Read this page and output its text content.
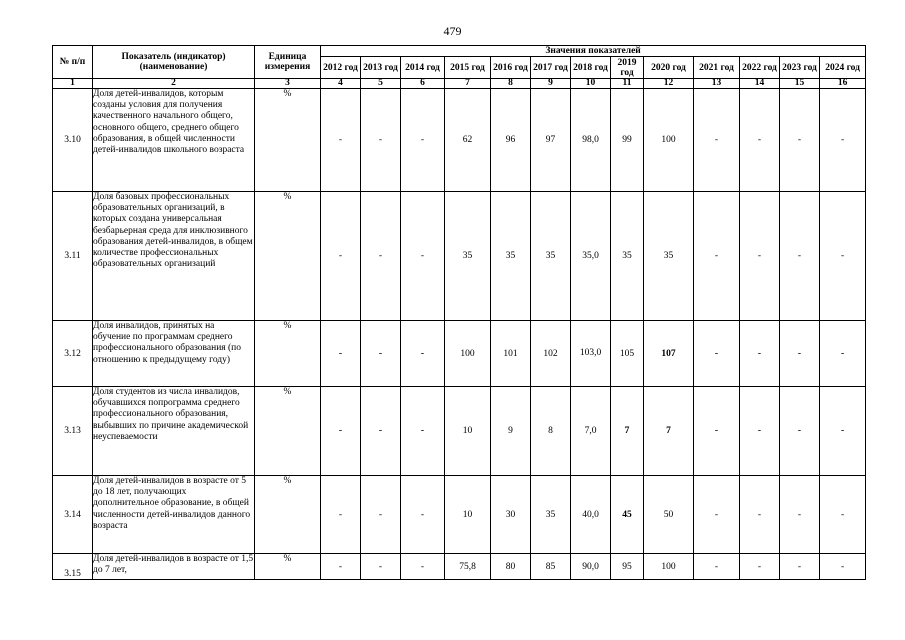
479
№ п/п	Показатель (индикатор) (наименование)	Единица измерения	Значения показателей												
			2012 год	2013 год	2014 год	2015 год	2016 год	2017 год	2018 год	2019 год	2020 год	2021 год	2022 год	2023 год	2024 год
1	2	3	4	5	6	7	8	9	10	11	12	13	14	15	16
3.10	Доля детей-инвалидов, которым созданы условия для получения качественного начального общего, основного общего, среднего общего образования, в общей численности детей-инвалидов школьного возраста	%	-	-	-	62	96	97	98,0	99	100	-	-	-	-
3.11	Доля базовых профессиональных образовательных организаций, в которых создана универсальная безбарьерная среда для инклюзивного образования детей-инвалидов, в общем количестве профессиональных образовательных организаций	%	-	-	-	35	35	35	35,0	35	35	-	-	-	-
3.12	Доля инвалидов, принятых на обучение по программам среднего профессионального образования (по отношению к предыдущему году)	%	-	-	-	100	101	102	103,0	105	107	-	-	-	-
3.13	Доля студентов из числа инвалидов, обучавшихся попрограмма среднего профессионального образования, выбывших по причине академической неуспеваемости	%	-	-	-	10	9	8	7,0	7	7	-	-	-	-
3.14	Доля детей-инвалидов в возрасте от 5 до 18 лет, получающих дополнительное образование, в общей численности детей-инвалидов данного возраста	%	-	-	-	10	30	35	40,0	45	50	-	-	-	-
3.15	Доля детей-инвалидов в возрасте от 1,5 до 7 лет,	%	-	-	-	75,8	80	85	90,0	95	100	-	-	-	-
